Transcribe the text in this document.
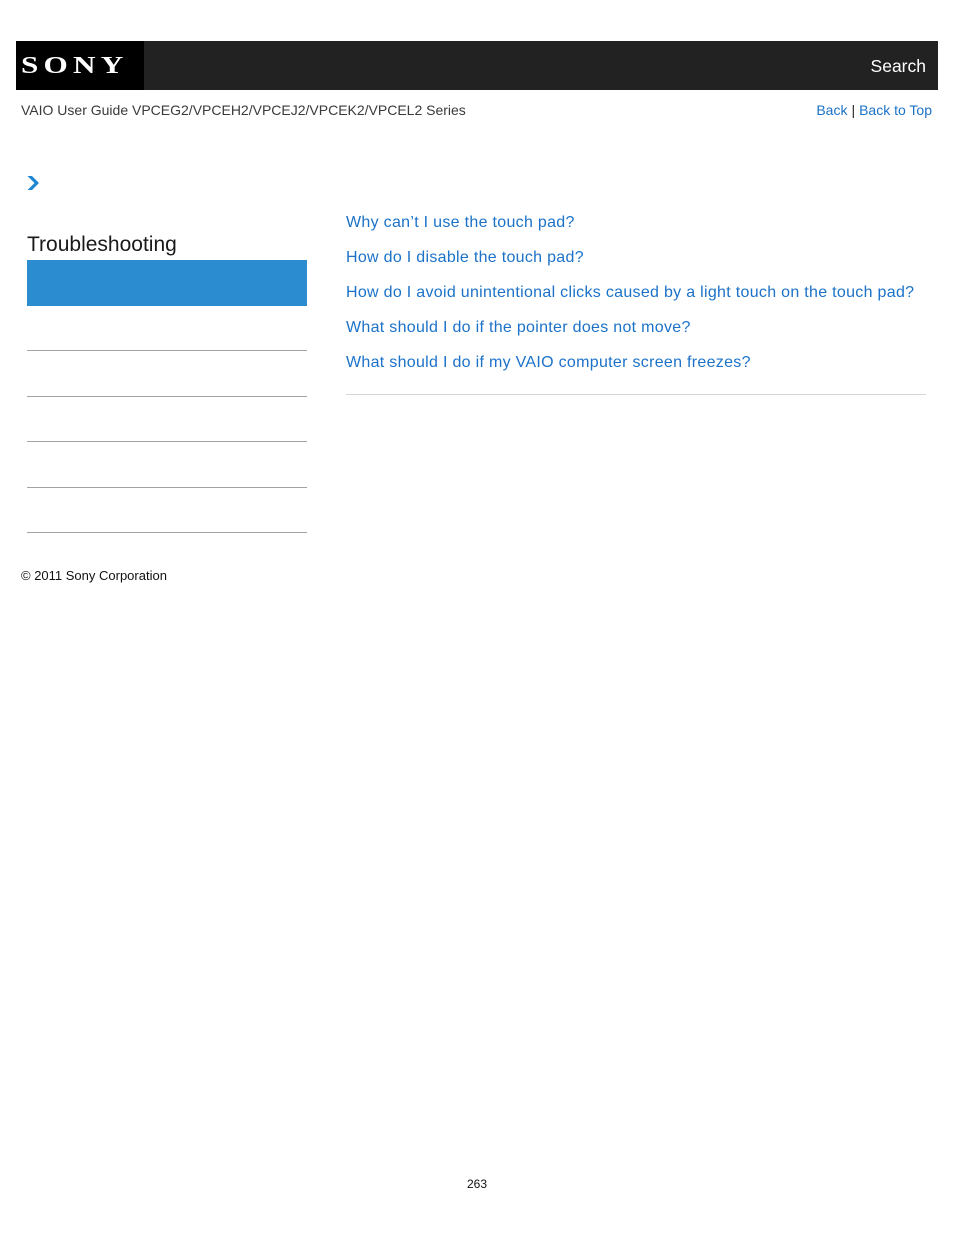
SONY	Search
VAIO User Guide VPCEG2/VPCEH2/VPCEJ2/VPCEK2/VPCEL2 Series	Back | Back to Top
Troubleshooting
Why can’t I use the touch pad?
How do I disable the touch pad?
How do I avoid unintentional clicks caused by a light touch on the touch pad?
What should I do if the pointer does not move?
What should I do if my VAIO computer screen freezes?
© 2011 Sony Corporation
263
